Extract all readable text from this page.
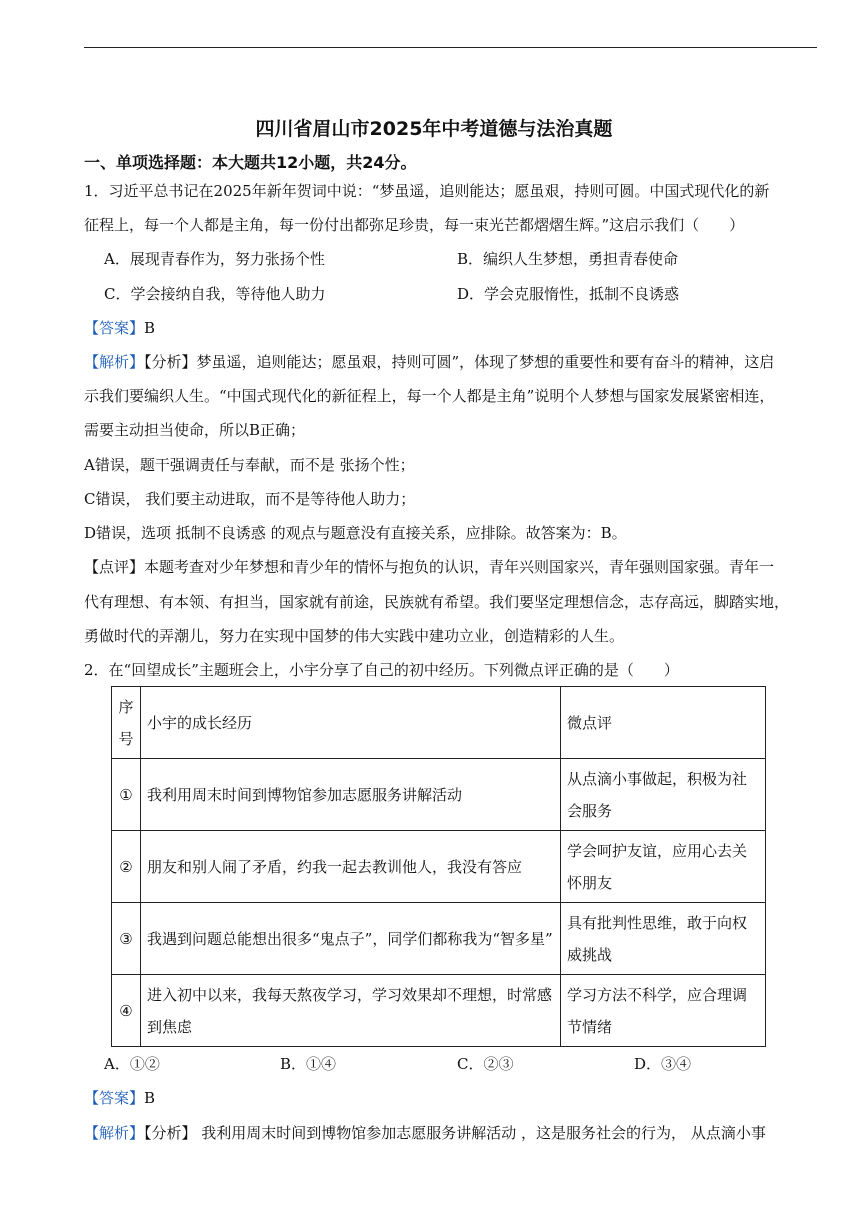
四川省眉山市2025年中考道德与法治真题
一、单项选择题：本大题共12小题，共24分。
1．习近平总书记在2025年新年贺词中说：“梦虽遥，追则能达；愿虽艰，持则可圆。中国式现代化的新
征程上，每一个人都是主角，每一份付出都弥足珍贵，每一束光芒都熠熠生辉。”这启示我们（　　）
A．展现青春作为，努力张扬个性	B．编织人生梦想，勇担青春使命
C．学会接纳自我，等待他人助力	D．学会克服惰性，抵制不良诱惑
【答案】B
【解析】【分析】梦虽遥，追则能达；愿虽艰，持则可圆”，体现了梦想的重要性和要有奋斗的精神，这启
示我们要编织人生。“中国式现代化的新征程上，每一个人都是主角”说明个人梦想与国家发展紧密相连，
需要主动担当使命，所以B正确；
A错误，题干强调责任与奉献，而不是 张扬个性；
C错误， 我们要主动进取，而不是等待他人助力；
D错误，选项 抵制不良诱惑 的观点与题意没有直接关系，应排除。故答案为：B。
【点评】本题考查对少年梦想和青少年的情怀与抱负的认识，青年兴则国家兴，青年强则国家强。青年一
代有理想、有本领、有担当，国家就有前途，民族就有希望。我们要坚定理想信念，志存高远，脚踏实地，
勇做时代的弄潮儿，努力在实现中国梦的伟大实践中建功立业，创造精彩的人生。
2．在“回望成长”主题班会上，小宇分享了自己的初中经历。下列微点评正确的是（　　）
序号	小宇的成长经历	微点评
①	我利用周末时间到博物馆参加志愿服务讲解活动	从点滴小事做起，积极为社会服务
②	朋友和别人闹了矛盾，约我一起去教训他人，我没有答应	学会呵护友谊，应用心去关怀朋友
③	我遇到问题总能想出很多“鬼点子”，同学们都称我为“智多星”	具有批判性思维，敢于向权威挑战
④	进入初中以来，我每天熬夜学习，学习效果却不理想，时常感到焦虑	学习方法不科学，应合理调节情绪
A．①②	B．①④	C．②③	D．③④
【答案】B
【解析】【分析】 我利用周末时间到博物馆参加志愿服务讲解活动 ，这是服务社会的行为， 从点滴小事
